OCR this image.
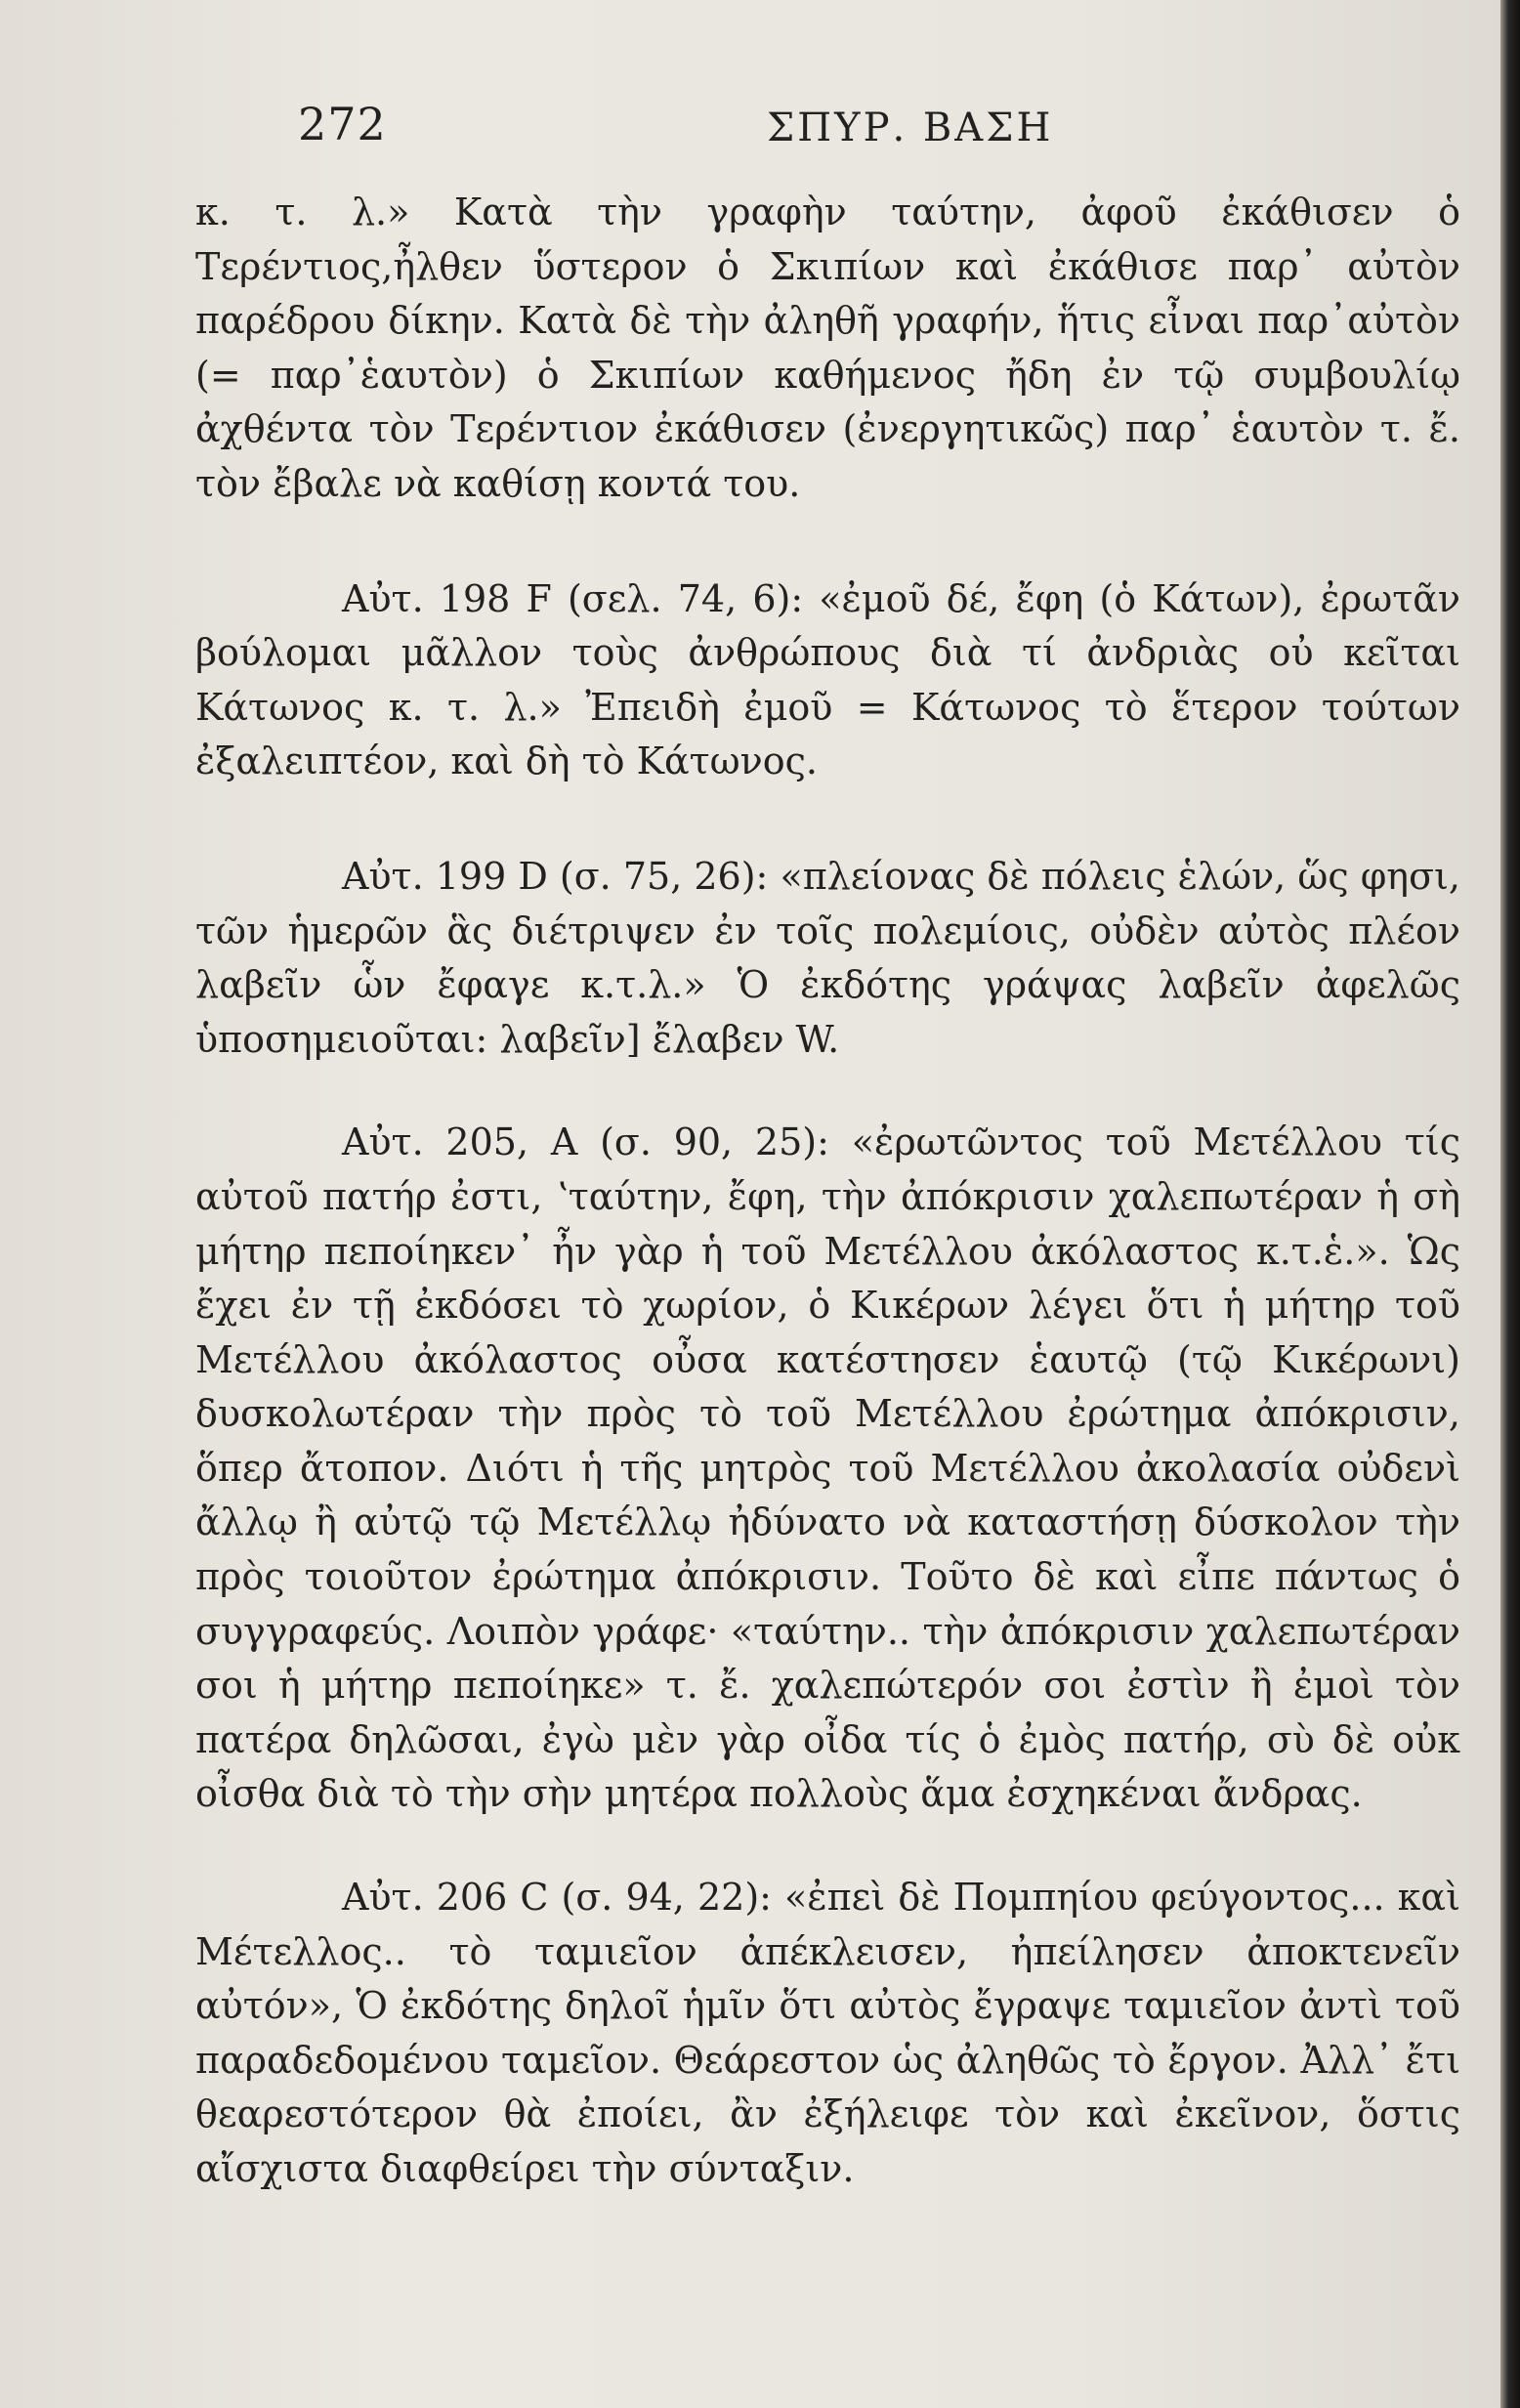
272	ΣΠΥΡ. ΒΑΣΗ

κ. τ. λ.» Κατὰ τὴν γραφὴν ταύτην, ἀφοῦ ἐκάθισεν ὁ Τερέντιος,ἦλθεν ὕστερον ὁ Σκιπίων καὶ ἐκάθισε παρ᾽ αὐτὸν παρέδρου δίκην. Κατὰ δὲ τὴν ἀληθῆ γραφήν, ἥτις εἶναι παρ᾽αὐτὸν (= παρ᾽ἑαυτὸν) ὁ Σκιπίων καθήμενος ἤδη ἐν τῷ συμβουλίῳ ἀχθέντα τὸν Τερέντιον ἐκάθισεν (ἐνεργητικῶς) παρ᾽ ἑαυτὸν τ. ἔ. τὸν ἔβαλε νὰ καθίσῃ κοντά του.

Αὐτ. 198 F (σελ. 74, 6): «ἐμοῦ δέ, ἔφη (ὁ Κάτων), ἐρωτᾶν βούλομαι μᾶλλον τοὺς ἀνθρώπους διὰ τί ἀνδριὰς οὐ κεῖται Κάτωνος κ. τ. λ.» Ἐπειδὴ ἐμοῦ = Κάτωνος τὸ ἕτερον τούτων ἐξαλειπτέον, καὶ δὴ τὸ Κάτωνος.

Αὐτ. 199 D (σ. 75, 26): «πλείονας δὲ πόλεις ἑλών, ὥς φησι, τῶν ἡμερῶν ἃς διέτριψεν ἐν τοῖς πολεμίοις, οὐδὲν αὐτὸς πλέον λαβεῖν ὧν ἔφαγε κ.τ.λ.» Ὁ ἐκδότης γράψας λαβεῖν ἀφελῶς ὑποσημειοῦται: λαβεῖν] ἔλαβεν W.

Αὐτ. 205, A (σ. 90, 25): «ἐρωτῶντος τοῦ Μετέλλου τίς αὐτοῦ πατήρ ἐστι, ʽταύτην, ἔφη, τὴν ἀπόκρισιν χαλεπωτέραν ἡ σὴ μήτηρ πεποίηκεν᾽ ἦν γὰρ ἡ τοῦ Μετέλλου ἀκόλαστος κ.τ.ἑ.». Ὡς ἔχει ἐν τῇ ἐκδόσει τὸ χωρίον, ὁ Κικέρων λέγει ὅτι ἡ μήτηρ τοῦ Μετέλλου ἀκόλαστος οὖσα κατέστησεν ἑαυτῷ (τῷ Κικέρωνι) δυσκολωτέραν τὴν πρὸς τὸ τοῦ Μετέλλου ἐρώτημα ἀπόκρισιν, ὅπερ ἄτοπον. Διότι ἡ τῆς μητρὸς τοῦ Μετέλλου ἀκολασία οὐδενὶ ἄλλῳ ἢ αὐτῷ τῷ Μετέλλῳ ἠδύνατο νὰ καταστήσῃ δύσκολον τὴν πρὸς τοιοῦτον ἐρώτημα ἀπόκρισιν. Τοῦτο δὲ καὶ εἶπε πάντως ὁ συγγραφεύς. Λοιπὸν γράφε· «ταύτην.. τὴν ἀπόκρισιν χαλεπωτέραν σοι ἡ μήτηρ πεποίηκε» τ. ἔ. χαλεπώτερόν σοι ἐστὶν ἢ ἐμοὶ τὸν πατέρα δηλῶσαι, ἐγὼ μὲν γὰρ οἶδα τίς ὁ ἐμὸς πατήρ, σὺ δὲ οὐκ οἶσθα διὰ τὸ τὴν σὴν μητέρα πολλοὺς ἅμα ἐσχηκέναι ἄνδρας.

Αὐτ. 206 C (σ. 94, 22): «ἐπεὶ δὲ Πομπηίου φεύγοντος... καὶ Μέτελλος.. τὸ ταμιεῖον ἀπέκλεισεν, ἠπείλησεν ἀποκτενεῖν αὐτόν», Ὁ ἐκδότης δηλοῖ ἡμῖν ὅτι αὐτὸς ἔγραψε ταμιεῖον ἀντὶ τοῦ παραδεδομένου ταμεῖον. Θεάρεστον ὡς ἀληθῶς τὸ ἔργον. Ἀλλ᾽ ἔτι θεαρεστότερον θὰ ἐποίει, ἂν ἐξήλειφε τὸν καὶ ἐκεῖνον, ὅστις αἴσχιστα διαφθείρει τὴν σύνταξιν.
